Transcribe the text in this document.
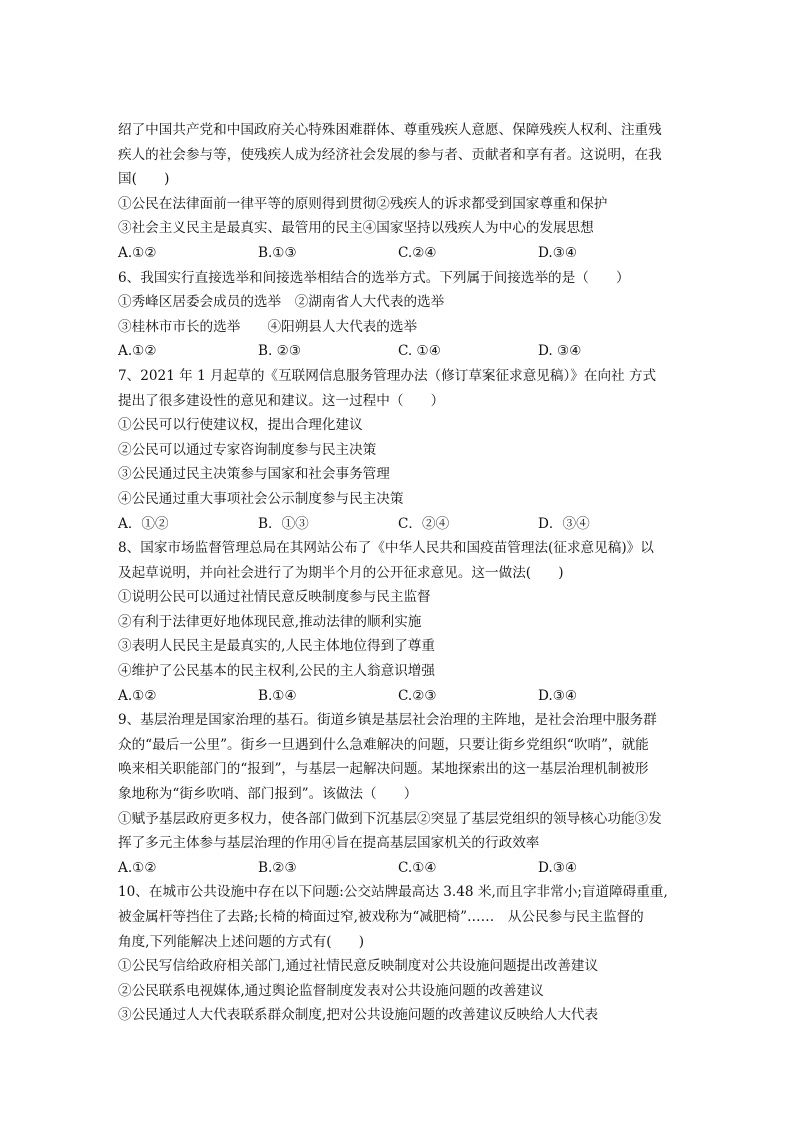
绍了中国共产党和中国政府关心特殊困难群体、尊重残疾人意愿、保障残疾人权利、注重残
疾人的社会参与等，使残疾人成为经济社会发展的参与者、贡献者和享有者。这说明，在我
国(　　)
①公民在法律面前一律平等的原则得到贯彻②残疾人的诉求都受到国家尊重和保护
③社会主义民主是最真实、最管用的民主④国家坚持以残疾人为中心的发展思想
A.①②	B.①③	C.②④	D.③④
6、我国实行直接选举和间接选举相结合的选举方式。下列属于间接选举的是（　　）
①秀峰区居委会成员的选举　②湖南省人大代表的选举
③桂林市市长的选举　　④阳朔县人大代表的选举
A.①②	B. ②③	C. ①④	D. ③④
7、2021 年 1 月起草的《互联网信息服务管理办法（修订草案征求意见稿）》在向社 方式
提出了很多建设性的意见和建议。这一过程中（　　）
①公民可以行使建议权，提出合理化建议
②公民可以通过专家咨询制度参与民主决策
③公民通过民主决策参与国家和社会事务管理
④公民通过重大事项社会公示制度参与民主决策
A．①②	B．①③	C．②④	D．③④
8、国家市场监督管理总局在其网站公布了《中华人民共和国疫苗管理法(征求意见稿)》以
及起草说明，并向社会进行了为期半个月的公开征求意见。这一做法(　　)
①说明公民可以通过社情民意反映制度参与民主监督
②有利于法律更好地体现民意,推动法律的顺利实施
③表明人民民主是最真实的,人民主体地位得到了尊重
④维护了公民基本的民主权利,公民的主人翁意识增强
A.①②	B.①④	C.②③	D.③④
9、基层治理是国家治理的基石。街道乡镇是基层社会治理的主阵地，是社会治理中服务群
众的“最后一公里”。街乡一旦遇到什么急难解决的问题，只要让街乡党组织“吹哨”，就能
唤来相关职能部门的“报到”，与基层一起解决问题。某地探索出的这一基层治理机制被形
象地称为“街乡吹哨、部门报到”。该做法（　　）
①赋予基层政府更多权力，使各部门做到下沉基层②突显了基层党组织的领导核心功能③发
挥了多元主体参与基层治理的作用④旨在提高基层国家机关的行政效率
A.①②	B.②③	C.①④	D.③④
10、在城市公共设施中存在以下问题:公交站牌最高达 3.48 米,而且字非常小;盲道障碍重重,
被金属杆等挡住了去路;长椅的椅面过窄,被戏称为“减肥椅”……　从公民参与民主监督的
角度,下列能解决上述问题的方式有(　　)
①公民写信给政府相关部门,通过社情民意反映制度对公共设施问题提出改善建议
②公民联系电视媒体,通过舆论监督制度发表对公共设施问题的改善建议
③公民通过人大代表联系群众制度,把对公共设施问题的改善建议反映给人大代表
